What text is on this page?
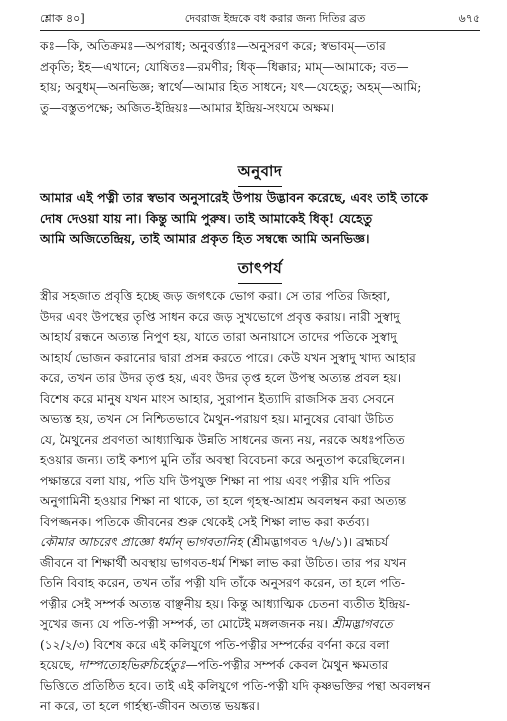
শ্লোক ৪০]	দেবরাজ ইন্দ্রকে বধ করার জন্য দিতির ব্রত	৬৭৫

কঃ—কি, অতিক্রমঃ—অপরাধ; অনুবর্ত্ত্যাঃ—অনুসরণ করে; স্বভাবম্—তার

প্রকৃতি; ইহ—এখানে; যোষিতঃ—রমণীর; ধিক্—ধিক্কার; মাম্—আমাকে; বত—

হায়; অবুধম্—অনভিজ্ঞ; স্বার্থে—আমার হিত সাধনে; যৎ—যেহেতু; অহম্—আমি;

তু—বস্তুতপক্ষে; অজিত-ইন্দ্রিয়ঃ—আমার ইন্দ্রিয়-সংযমে অক্ষম।

অনুবাদ

আমার এই পত্নী তার স্বভাব অনুসারেই উপায় উদ্ভাবন করেছে, এবং তাই তাকে

দোষ দেওয়া যায় না। কিন্তু আমি পুরুষ। তাই আমাকেই ধিক্! যেহেতু

আমি অজিতেন্দ্রিয়, তাই আমার প্রকৃত হিত সম্বন্ধে আমি অনভিজ্ঞ।

তাৎপর্য

স্ত্রীর সহজাত প্রবৃত্তি হচ্ছে জড় জগৎকে ভোগ করা। সে তার পতির জিহ্বা,

উদর এবং উপস্থের তৃপ্তি সাধন করে জড় সুখভোগে প্রবৃত্ত করায়। নারী সুস্বাদু

আহার্য রন্ধনে অত্যন্ত নিপুণ হয়, যাতে তারা অনায়াসে তাদের পতিকে সুস্বাদু

আহার্য ভোজন করানোর দ্বারা প্রসন্ন করতে পারে। কেউ যখন সুস্বাদু খাদ্য আহার

করে, তখন তার উদর তৃপ্ত হয়, এবং উদর তৃপ্ত হলে উপস্থ অত্যন্ত প্রবল হয়।

বিশেষ করে মানুষ যখন মাংস আহার, সুরাপান ইত্যাদি রাজসিক দ্রব্য সেবনে

অভ্যস্ত হয়, তখন সে নিশ্চিতভাবে মৈথুন-পরায়ণ হয়। মানুষের বোঝা উচিত

যে, মৈথুনের প্রবণতা আধ্যাত্মিক উন্নতি সাধনের জন্য নয়, নরকে অধঃপতিত

হওয়ার জন্য। তাই কশ্যপ মুনি তাঁর অবস্থা বিবেচনা করে অনুতাপ করেছিলেন।

পক্ষান্তরে বলা যায়, পতি যদি উপযুক্ত শিক্ষা না পায় এবং পত্নীর যদি পতির

অনুগামিনী হওয়ার শিক্ষা না থাকে, তা হলে গৃহস্থ-আশ্রম অবলম্বন করা অত্যন্ত

বিপজ্জনক। পতিকে জীবনের শুরু থেকেই সেই শিক্ষা লাভ করা কর্তব্য।

কৌমার আচরেৎ প্রাজ্ঞো ধর্মান্ ভাগবতানিহ (শ্রীমদ্ভাগবত ৭/৬/১)। ব্রহ্মচর্য

জীবনে বা শিক্ষার্থী অবস্থায় ভাগবত-ধর্ম শিক্ষা লাভ করা উচিত। তার পর যখন

তিনি বিবাহ করেন, তখন তাঁর পত্নী যদি তাঁকে অনুসরণ করেন, তা হলে পতি-

পত্নীর সেই সম্পর্ক অত্যন্ত বাঞ্ছনীয় হয়। কিন্তু আধ্যাত্মিক চেতনা ব্যতীত ইন্দ্রিয়-

সুখের জন্য যে পতি-পত্নী সম্পর্ক, তা মোটেই মঙ্গলজনক নয়। শ্রীমদ্ভাগবতে

(১২/২/৩) বিশেষ করে এই কলিযুগে পতি-পত্নীর সম্পর্কের বর্ণনা করে বলা

হয়েছে, দাম্পত্যেহভিরুচির্হেতুঃ—পতি-পত্নীর সম্পর্ক কেবল মৈথুন ক্ষমতার

ভিত্তিতে প্রতিষ্ঠিত হবে। তাই এই কলিযুগে পতি-পত্নী যদি কৃষ্ণভক্তির পন্থা অবলম্বন

না করে, তা হলে গার্হস্থ্য-জীবন অত্যন্ত ভয়ঙ্কর।
